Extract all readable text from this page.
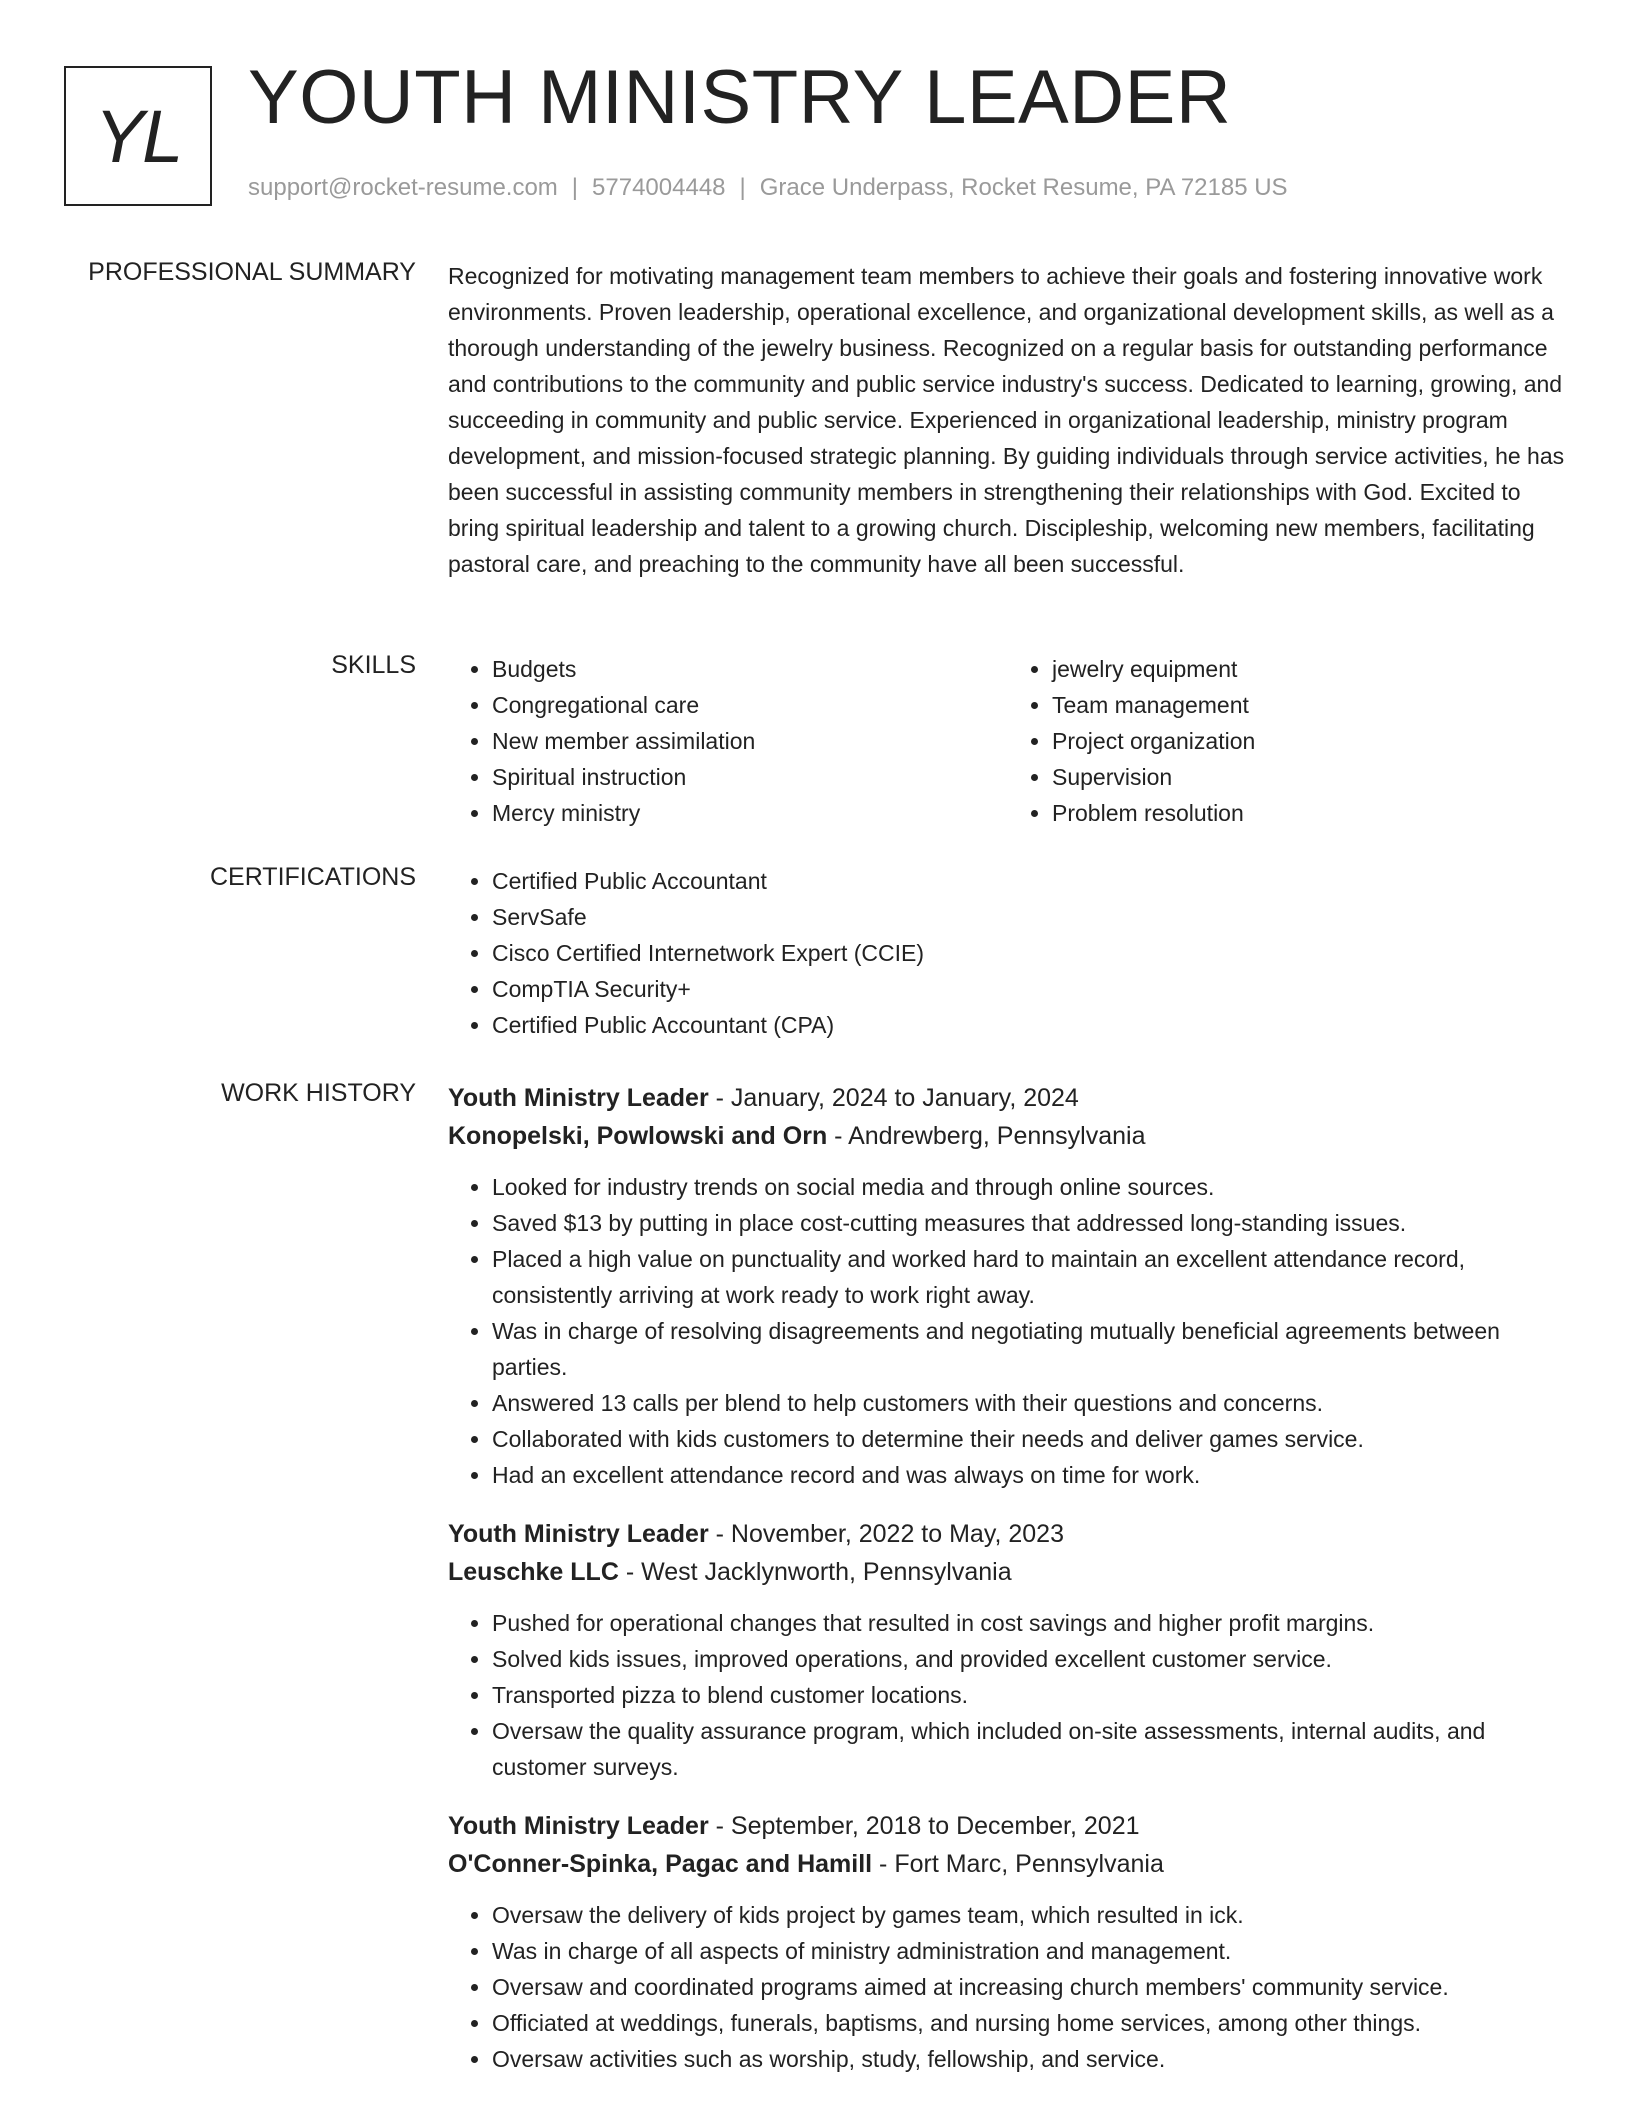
YL YOUTH MINISTRY LEADER
support@rocket-resume.com | 5774004448 | Grace Underpass, Rocket Resume, PA 72185 US
PROFESSIONAL SUMMARY Recognized for motivating management team members to achieve their goals and fostering innovative work environments. Proven leadership, operational excellence, and organizational development skills, as well as a thorough understanding of the jewelry business. Recognized on a regular basis for outstanding performance and contributions to the community and public service industry's success. Dedicated to learning, growing, and succeeding in community and public service. Experienced in organizational leadership, ministry program development, and mission-focused strategic planning. By guiding individuals through service activities, he has been successful in assisting community members in strengthening their relationships with God. Excited to bring spiritual leadership and talent to a growing church. Discipleship, welcoming new members, facilitating pastoral care, and preaching to the community have all been successful.
SKILLS	• Budgets
• Congregational care
• New member assimilation
• Spiritual instruction
• Mercy ministry
• jewelry equipment
• Team management
• Project organization
• Supervision
• Problem resolution
CERTIFICATIONS	• Certified Public Accountant
• ServSafe
• Cisco Certified Internetwork Expert (CCIE)
• CompTIA Security+
• Certified Public Accountant (CPA)
WORK HISTORY Youth Ministry Leader - January, 2024 to January, 2024
Konopelski, Powlowski and Orn - Andrewberg, Pennsylvania
• Looked for industry trends on social media and through online sources.
• Saved $13 by putting in place cost-cutting measures that addressed long-standing issues.
• Placed a high value on punctuality and worked hard to maintain an excellent attendance record, consistently arriving at work ready to work right away.
• Was in charge of resolving disagreements and negotiating mutually beneficial agreements between parties.
• Answered 13 calls per blend to help customers with their questions and concerns.
• Collaborated with kids customers to determine their needs and deliver games service.
• Had an excellent attendance record and was always on time for work.
Youth Ministry Leader - November, 2022 to May, 2023
Leuschke LLC - West Jacklynworth, Pennsylvania
• Pushed for operational changes that resulted in cost savings and higher profit margins.
• Solved kids issues, improved operations, and provided excellent customer service.
• Transported pizza to blend customer locations.
• Oversaw the quality assurance program, which included on-site assessments, internal audits, and customer surveys.
Youth Ministry Leader - September, 2018 to December, 2021
O'Conner-Spinka, Pagac and Hamill - Fort Marc, Pennsylvania
• Oversaw the delivery of kids project by games team, which resulted in ick.
• Was in charge of all aspects of ministry administration and management.
• Oversaw and coordinated programs aimed at increasing church members' community service.
• Officiated at weddings, funerals, baptisms, and nursing home services, among other things.
• Oversaw activities such as worship, study, fellowship, and service.
